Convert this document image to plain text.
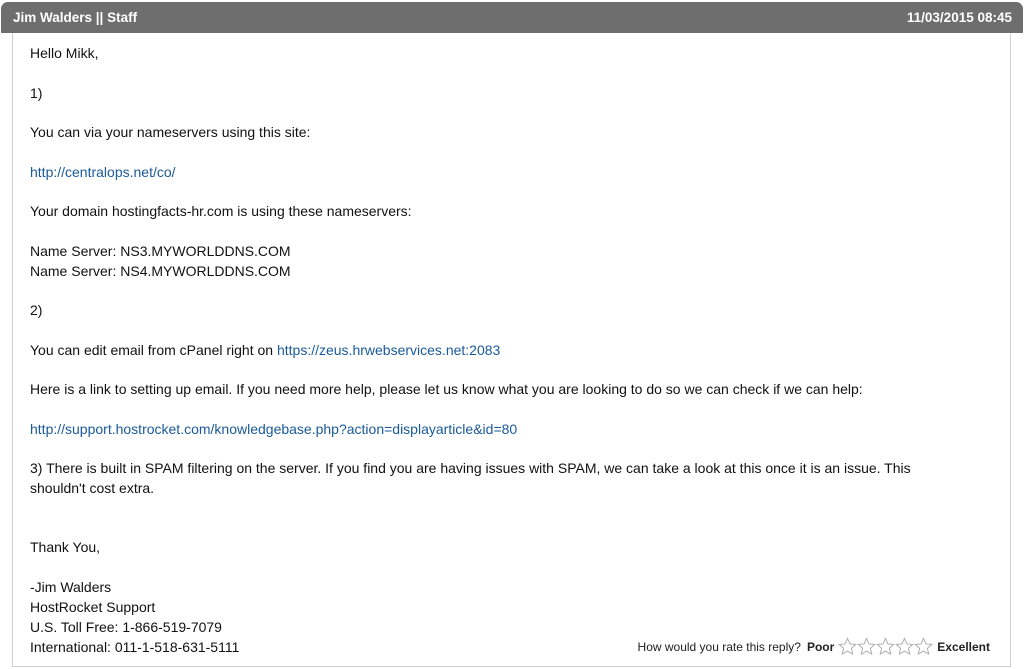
Jim Walders || Staff	11/03/2015 08:45
Hello Mikk,
1)
You can via your nameservers using this site:
http://centralops.net/co/
Your domain hostingfacts-hr.com is using these nameservers:
Name Server: NS3.MYWORLDDNS.COM
Name Server: NS4.MYWORLDDNS.COM
2)
You can edit email from cPanel right on https://zeus.hrwebservices.net:2083
Here is a link to setting up email. If you need more help, please let us know what you are looking to do so we can check if we can help:
http://support.hostrocket.com/knowledgebase.php?action=displayarticle&id=80
3) There is built in SPAM filtering on the server. If you find you are having issues with SPAM, we can take a look at this once it is an issue. This shouldn't cost extra.
Thank You,
-Jim Walders
HostRocket Support
U.S. Toll Free: 1-866-519-7079
International: 011-1-518-631-5111	How would you rate this reply? Poor	Excellent
